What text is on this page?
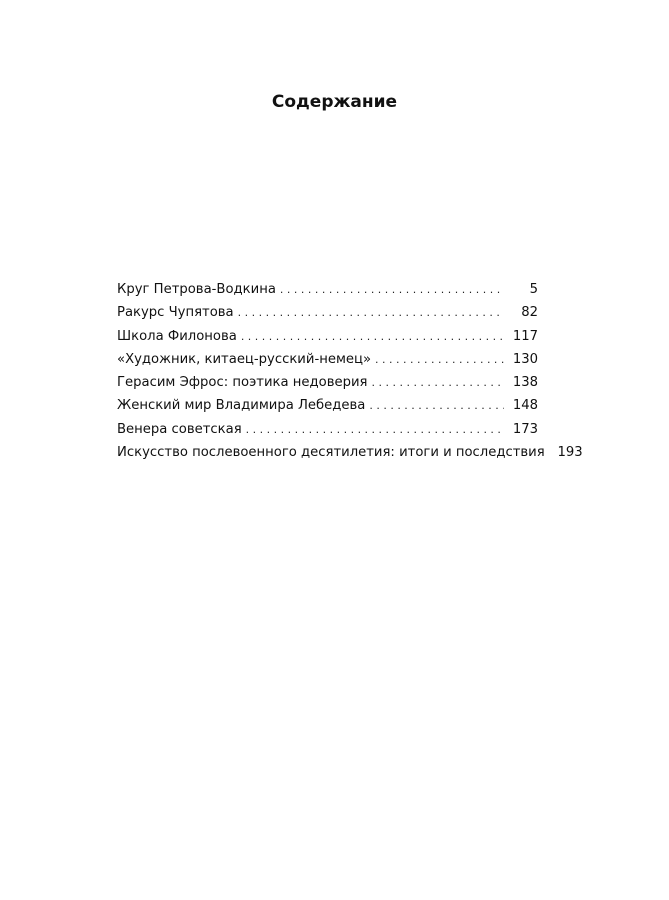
Содержание
Круг Петрова-Водкина . . .	5
Ракурс Чупятова . . .	82
Школа Филонова . . .	117
«Художник, китаец-русский-немец» . . .	130
Герасим Эфрос: поэтика недоверия . . .	138
Женский мир Владимира Лебедева . . .	148
Венера советская . . .	173
Искусство послевоенного десятилетия: итоги и последствия 193
